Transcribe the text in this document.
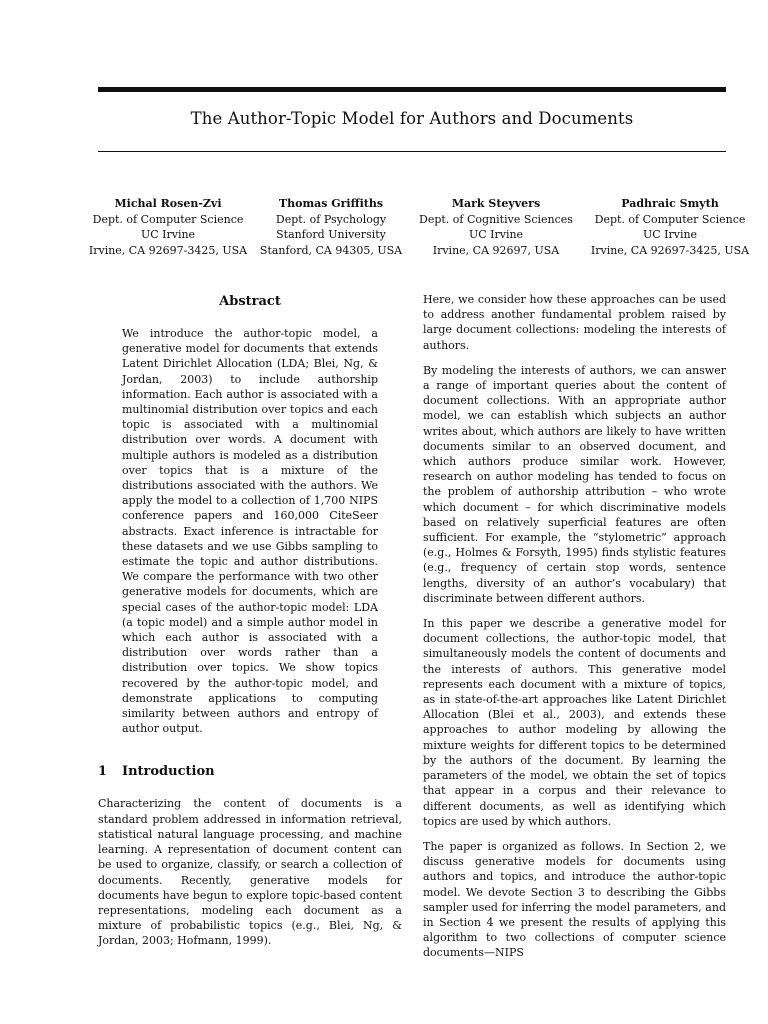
The Author-Topic Model for Authors and Documents
Michal Rosen-Zvi
Dept. of Computer Science
UC Irvine
Irvine, CA 92697-3425, USA
Thomas Griffiths
Dept. of Psychology
Stanford University
Stanford, CA 94305, USA
Mark Steyvers
Dept. of Cognitive Sciences
UC Irvine
Irvine, CA 92697, USA
Padhraic Smyth
Dept. of Computer Science
UC Irvine
Irvine, CA 92697-3425, USA
Abstract

We introduce the author-topic model, a generative model for documents that extends Latent Dirichlet Allocation (LDA; Blei, Ng, & Jordan, 2003) to include authorship information. Each author is associated with a multinomial distribution over topics and each topic is associated with a multinomial distribution over words. A document with multiple authors is modeled as a distribution over topics that is a mixture of the distributions associated with the authors. We apply the model to a collection of 1,700 NIPS conference papers and 160,000 CiteSeer abstracts. Exact inference is intractable for these datasets and we use Gibbs sampling to estimate the topic and author distributions. We compare the performance with two other generative models for documents, which are special cases of the author-topic model: LDA (a topic model) and a simple author model in which each author is associated with a distribution over words rather than a distribution over topics. We show topics recovered by the author-topic model, and demonstrate applications to computing similarity between authors and entropy of author output.

1 Introduction

Characterizing the content of documents is a standard problem addressed in information retrieval, statistical natural language processing, and machine learning. A representation of document content can be used to organize, classify, or search a collection of documents. Recently, generative models for documents have begun to explore topic-based content representations, modeling each document as a mixture of probabilistic topics (e.g., Blei, Ng, & Jordan, 2003; Hofmann, 1999).

Here, we consider how these approaches can be used to address another fundamental problem raised by large document collections: modeling the interests of authors.

By modeling the interests of authors, we can answer a range of important queries about the content of document collections. With an appropriate author model, we can establish which subjects an author writes about, which authors are likely to have written documents similar to an observed document, and which authors produce similar work. However, research on author modeling has tended to focus on the problem of authorship attribution – who wrote which document – for which discriminative models based on relatively superficial features are often sufficient. For example, the “stylometric” approach (e.g., Holmes & Forsyth, 1995) finds stylistic features (e.g., frequency of certain stop words, sentence lengths, diversity of an author’s vocabulary) that discriminate between different authors.

In this paper we describe a generative model for document collections, the author-topic model, that simultaneously models the content of documents and the interests of authors. This generative model represents each document with a mixture of topics, as in state-of-the-art approaches like Latent Dirichlet Allocation (Blei et al., 2003), and extends these approaches to author modeling by allowing the mixture weights for different topics to be determined by the authors of the document. By learning the parameters of the model, we obtain the set of topics that appear in a corpus and their relevance to different documents, as well as identifying which topics are used by which authors.

The paper is organized as follows. In Section 2, we discuss generative models for documents using authors and topics, and introduce the author-topic model. We devote Section 3 to describing the Gibbs sampler used for inferring the model parameters, and in Section 4 we present the results of applying this algorithm to two collections of computer science documents—NIPS
